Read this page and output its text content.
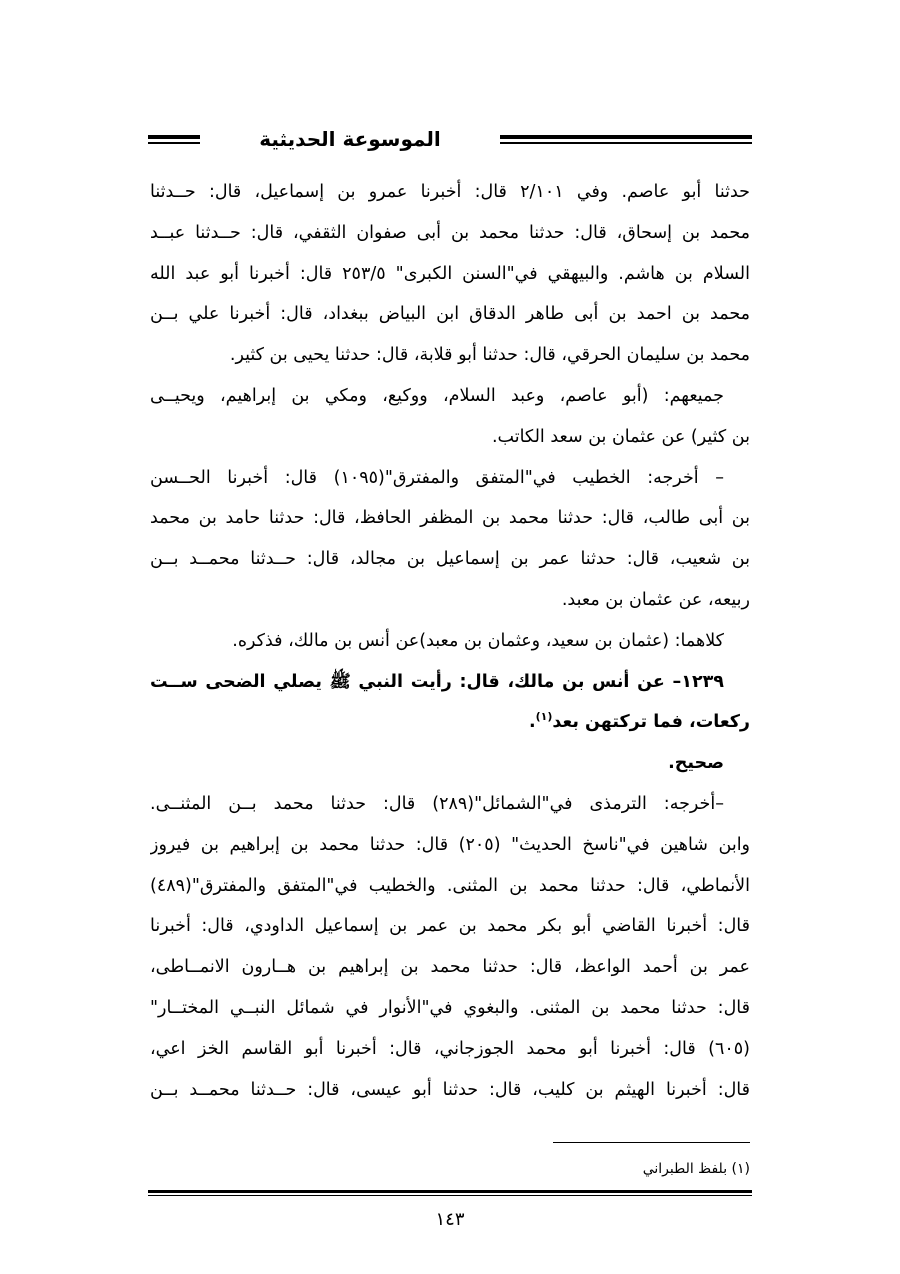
الموسوعة الحديثية
حدثنا أبو عاصم. وفي ٢/١٠١ قال: أخبرنا عمرو بن إسماعيل، قال: حــدثنا
محمد بن إسحاق، قال: حدثنا محمد بن أبى صفوان الثقفي، قال: حــدثنا عبــد
السلام بن هاشم. والبيهقي في"السنن الكبرى" ٢٥٣/٥ قال: أخبرنا أبو عبد الله
محمد بن احمد بن أبى طاهر الدقاق ابن البياض ببغداد، قال: أخبرنا علي بــن
محمد بن سليمان الحرقي، قال: حدثنا أبو قلابة، قال: حدثنا يحيى بن كثير.
جميعهم: (أبو عاصم، وعبد السلام، ووكيع، ومكي بن إبراهيم، ويحيــى
بن كثير) عن عثمان بن سعد الكاتب.
– أخرجه: الخطيب في"المتفق والمفترق"(١٠٩٥) قال: أخبرنا الحــسن
بن أبى طالب، قال: حدثنا محمد بن المظفر الحافظ، قال: حدثنا حامد بن محمد
بن شعيب، قال: حدثنا عمر بن إسماعيل بن مجالد، قال: حــدثنا محمــد بــن
ربيعه، عن عثمان بن معبد.
كلاهما: (عثمان بن سعيد، وعثمان بن معبد)عن أنس بن مالك، فذكره.
١٢٣٩– عن أنس بن مالك، قال: رأيت النبي ﷺ يصلي الضحى ســت
ركعات، فما تركتهن بعد$^{(١)}$.
صحيح.
–أخرجه: الترمذى في"الشمائل"(٢٨٩) قال: حدثنا محمد بــن المثنــى.
وابن شاهين في"ناسخ الحديث" (٢٠٥) قال: حدثنا محمد بن إبراهيم بن فيروز
الأنماطي، قال: حدثنا محمد بن المثنى. والخطيب في"المتفق والمفترق"(٤٨٩)
قال: أخبرنا القاضي أبو بكر محمد بن عمر بن إسماعيل الداودي، قال: أخبرنا
عمر بن أحمد الواعظ، قال: حدثنا محمد بن إبراهيم بن هــارون الانمــاطى،
قال: حدثنا محمد بن المثنى. والبغوي في"الأنوار في شمائل النبــي المختــار"
(٦٠٥) قال: أخبرنا أبو محمد الجوزجاني، قال: أخبرنا أبو القاسم الخز اعي،
قال: أخبرنا الهيثم بن كليب، قال: حدثنا أبو عيسى، قال: حــدثنا محمــد بــن
(١) بلفظ الطبراني
١٤٣
